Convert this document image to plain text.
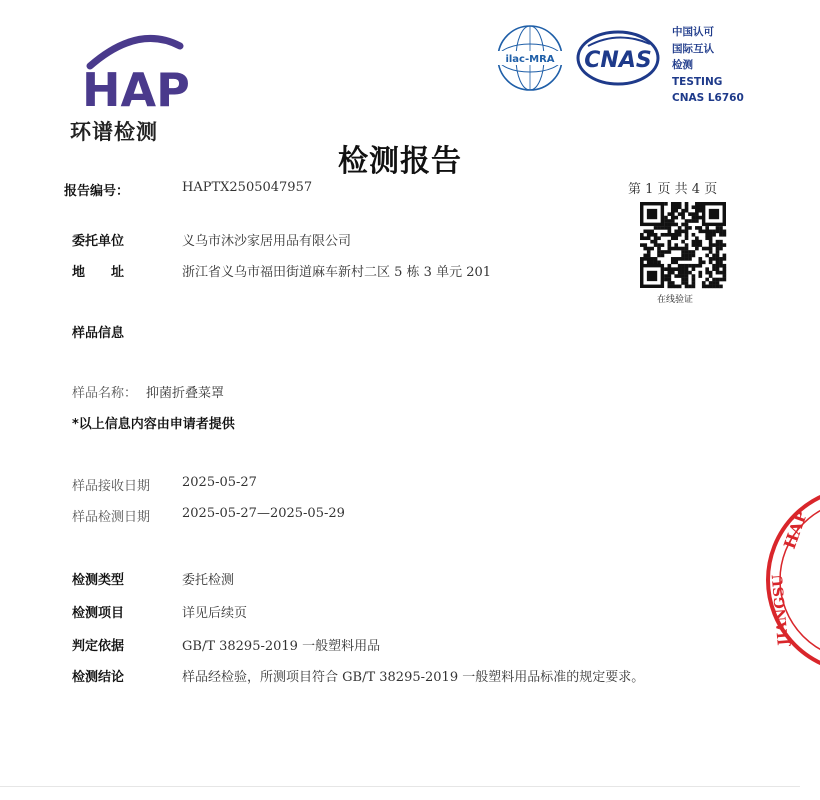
HAP
环谱检测
ilac-MRA CNAS
中国认可
国际互认
检测
TESTING
CNAS L6760
检测报告
报告编号：	HAPTX2505047957	第 1 页 共 4 页
在线验证
委托单位	义乌市沐沙家居用品有限公司
地　　址	浙江省义乌市福田街道麻车新村二区 5 栋 3 单元 201
样品信息
样品名称： 抑菌折叠菜罩
*以上信息内容由申请者提供
样品接收日期 2025-05-27
样品检测日期 2025-05-27—2025-05-29
检测类型	委托检测
检测项目	详见后续页
判定依据	GB/T 38295-2019 一般塑料用品
检测结论	样品经检验，所测项目符合 GB/T 38295-2019 一般塑料用品标准的规定要求。
HAP
JIANGSU
